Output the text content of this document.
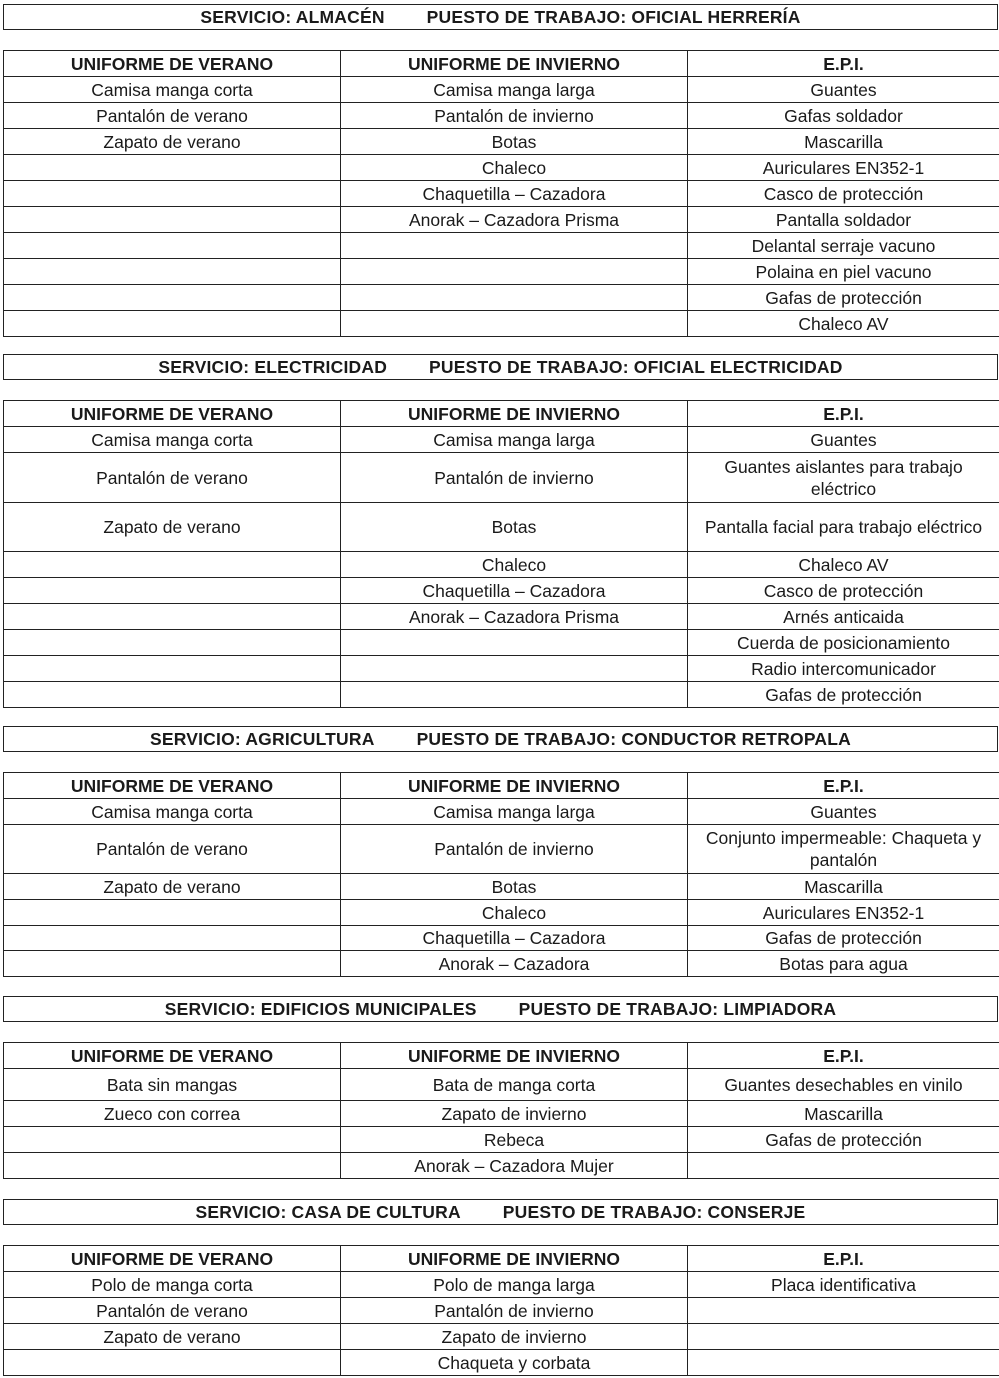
SERVICIO: ALMACÉN PUESTO DE TRABAJO: OFICIAL HERRERÍA
UNIFORME DE VERANO	UNIFORME DE INVIERNO	E.P.I.
Camisa manga corta	Camisa manga larga	Guantes
Pantalón de verano	Pantalón de invierno	Gafas soldador
Zapato de verano	Botas	Mascarilla
	Chaleco	Auriculares EN352-1
	Chaquetilla – Cazadora	Casco de protección
	Anorak – Cazadora Prisma	Pantalla soldador
		Delantal serraje vacuno
		Polaina en piel vacuno
		Gafas de protección
		Chaleco AV
SERVICIO: ELECTRICIDAD PUESTO DE TRABAJO: OFICIAL ELECTRICIDAD
UNIFORME DE VERANO	UNIFORME DE INVIERNO	E.P.I.
Camisa manga corta	Camisa manga larga	Guantes
Pantalón de verano	Pantalón de invierno	Guantes aislantes para trabajo eléctrico
Zapato de verano	Botas	Pantalla facial para trabajo eléctrico
	Chaleco	Chaleco AV
	Chaquetilla – Cazadora	Casco de protección
	Anorak – Cazadora Prisma	Arnés anticaida
		Cuerda de posicionamiento
		Radio intercomunicador
		Gafas de protección
SERVICIO: AGRICULTURA PUESTO DE TRABAJO: CONDUCTOR RETROPALA
UNIFORME DE VERANO	UNIFORME DE INVIERNO	E.P.I.
Camisa manga corta	Camisa manga larga	Guantes
Pantalón de verano	Pantalón de invierno	Conjunto impermeable: Chaqueta y pantalón
Zapato de verano	Botas	Mascarilla
	Chaleco	Auriculares EN352-1
	Chaquetilla – Cazadora	Gafas de protección
	Anorak – Cazadora	Botas para agua
SERVICIO: EDIFICIOS MUNICIPALES PUESTO DE TRABAJO: LIMPIADORA
UNIFORME DE VERANO	UNIFORME DE INVIERNO	E.P.I.
Bata sin mangas	Bata de manga corta	Guantes desechables en vinilo
Zueco con correa	Zapato de invierno	Mascarilla
	Rebeca	Gafas de protección
	Anorak – Cazadora Mujer	
SERVICIO: CASA DE CULTURA PUESTO DE TRABAJO: CONSERJE
UNIFORME DE VERANO	UNIFORME DE INVIERNO	E.P.I.
Polo de manga corta	Polo de manga larga	Placa identificativa
Pantalón de verano	Pantalón de invierno	
Zapato de verano	Zapato de invierno	
	Chaqueta y corbata	
